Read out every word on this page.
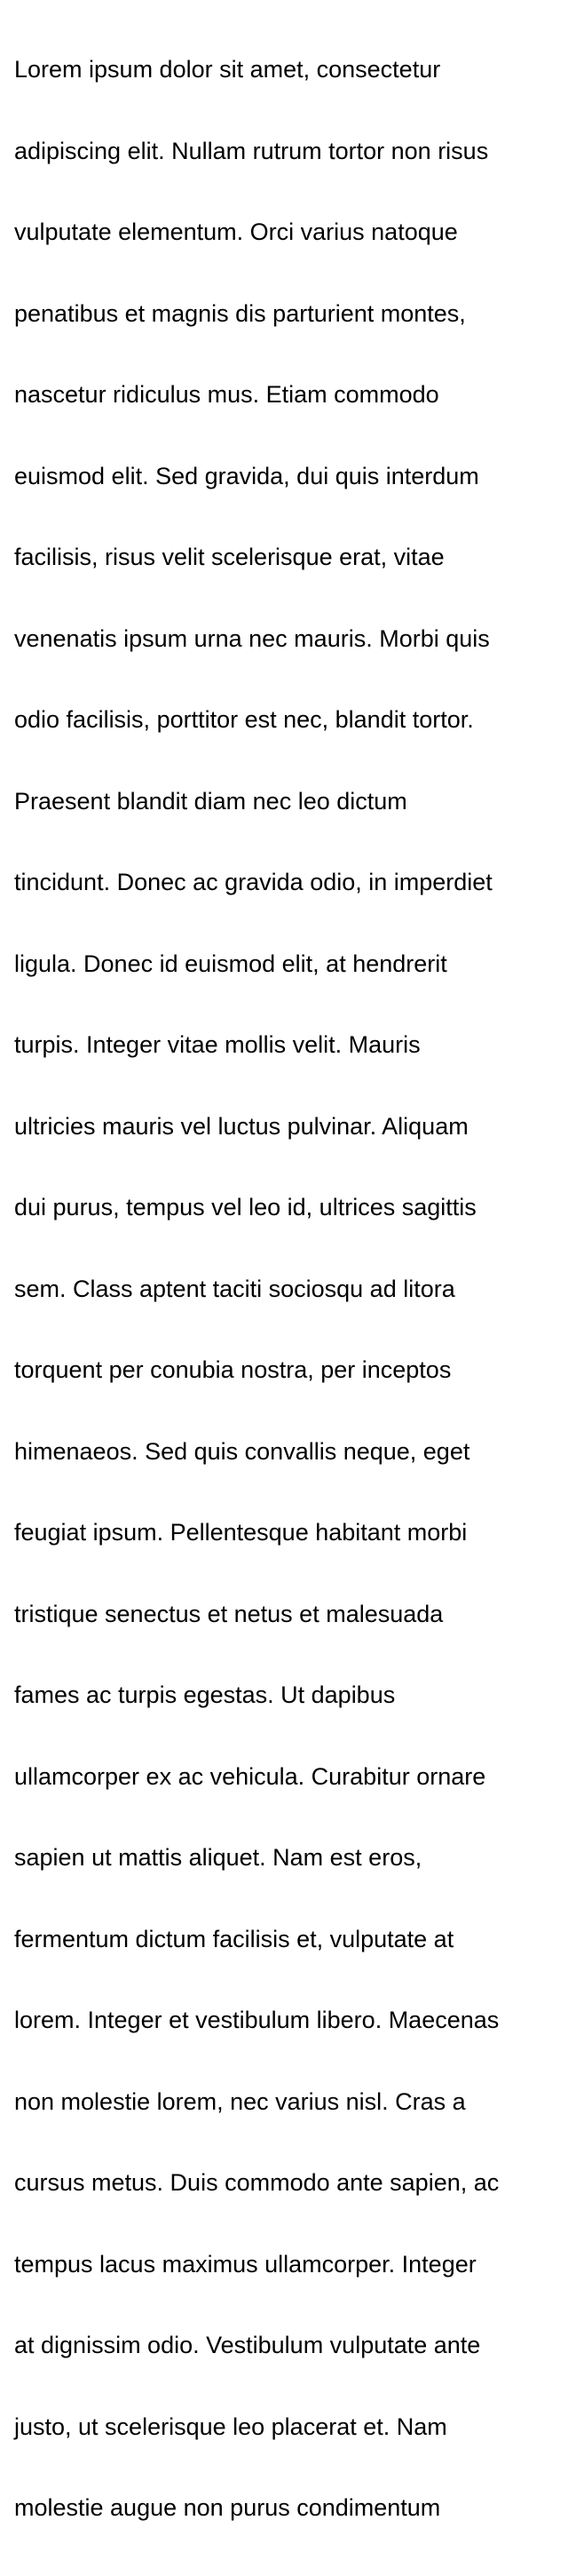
Lorem ipsum dolor sit amet, consectetur

adipiscing elit. Nullam rutrum tortor non risus

vulputate elementum. Orci varius natoque

penatibus et magnis dis parturient montes,

nascetur ridiculus mus. Etiam commodo

euismod elit. Sed gravida, dui quis interdum

facilisis, risus velit scelerisque erat, vitae

venenatis ipsum urna nec mauris. Morbi quis

odio facilisis, porttitor est nec, blandit tortor.

Praesent blandit diam nec leo dictum

tincidunt. Donec ac gravida odio, in imperdiet

ligula. Donec id euismod elit, at hendrerit

turpis. Integer vitae mollis velit. Mauris

ultricies mauris vel luctus pulvinar. Aliquam

dui purus, tempus vel leo id, ultrices sagittis

sem. Class aptent taciti sociosqu ad litora

torquent per conubia nostra, per inceptos

himenaeos. Sed quis convallis neque, eget

feugiat ipsum. Pellentesque habitant morbi

tristique senectus et netus et malesuada

fames ac turpis egestas. Ut dapibus

ullamcorper ex ac vehicula. Curabitur ornare

sapien ut mattis aliquet. Nam est eros,

fermentum dictum facilisis et, vulputate at

lorem. Integer et vestibulum libero. Maecenas

non molestie lorem, nec varius nisl. Cras a

cursus metus. Duis commodo ante sapien, ac

tempus lacus maximus ullamcorper. Integer

at dignissim odio. Vestibulum vulputate ante

justo, ut scelerisque leo placerat et. Nam

molestie augue non purus condimentum
